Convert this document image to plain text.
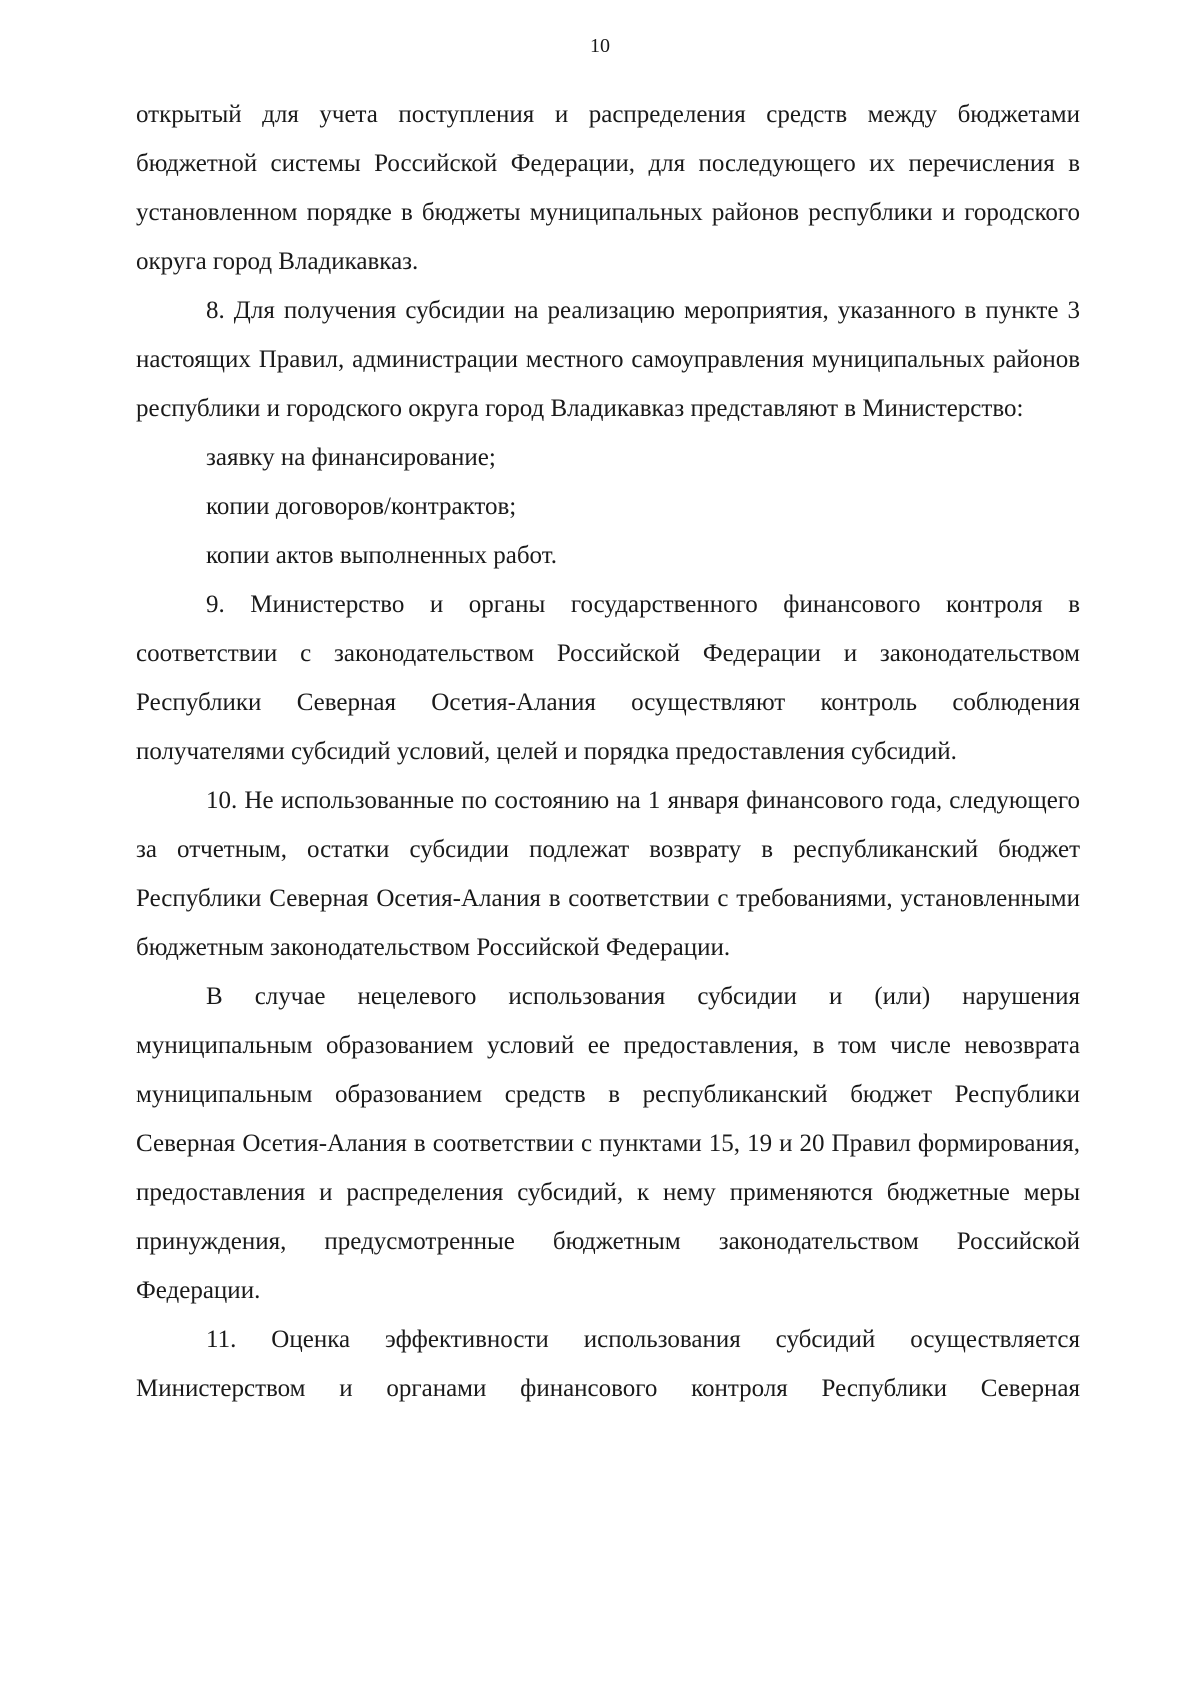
10

открытый для учета поступления и распределения средств между бюджетами бюджетной системы Российской Федерации, для последующего их перечисления в установленном порядке в бюджеты муниципальных районов республики и городского округа город Владикавказ.

8. Для получения субсидии на реализацию мероприятия, указанного в пункте 3 настоящих Правил, администрации местного самоуправления муниципальных районов республики и городского округа город Владикавказ представляют в Министерство:

заявку на финансирование;

копии договоров/контрактов;

копии актов выполненных работ.

9. Министерство и органы государственного финансового контроля в соответствии с законодательством Российской Федерации и законодательством Республики Северная Осетия-Алания осуществляют контроль соблюдения получателями субсидий условий, целей и порядка предоставления субсидий.

10. Не использованные по состоянию на 1 января финансового года, следующего за отчетным, остатки субсидии подлежат возврату в республиканский бюджет Республики Северная Осетия-Алания в соответствии с требованиями, установленными бюджетным законодательством Российской Федерации.

В случае нецелевого использования субсидии и (или) нарушения муниципальным образованием условий ее предоставления, в том числе невозврата муниципальным образованием средств в республиканский бюджет Республики Северная Осетия-Алания в соответствии с пунктами 15, 19 и 20 Правил формирования, предоставления и распределения субсидий, к нему применяются бюджетные меры принуждения, предусмотренные бюджетным законодательством Российской Федерации.

11. Оценка эффективности использования субсидий осуществляется Министерством и органами финансового контроля Республики Северная
